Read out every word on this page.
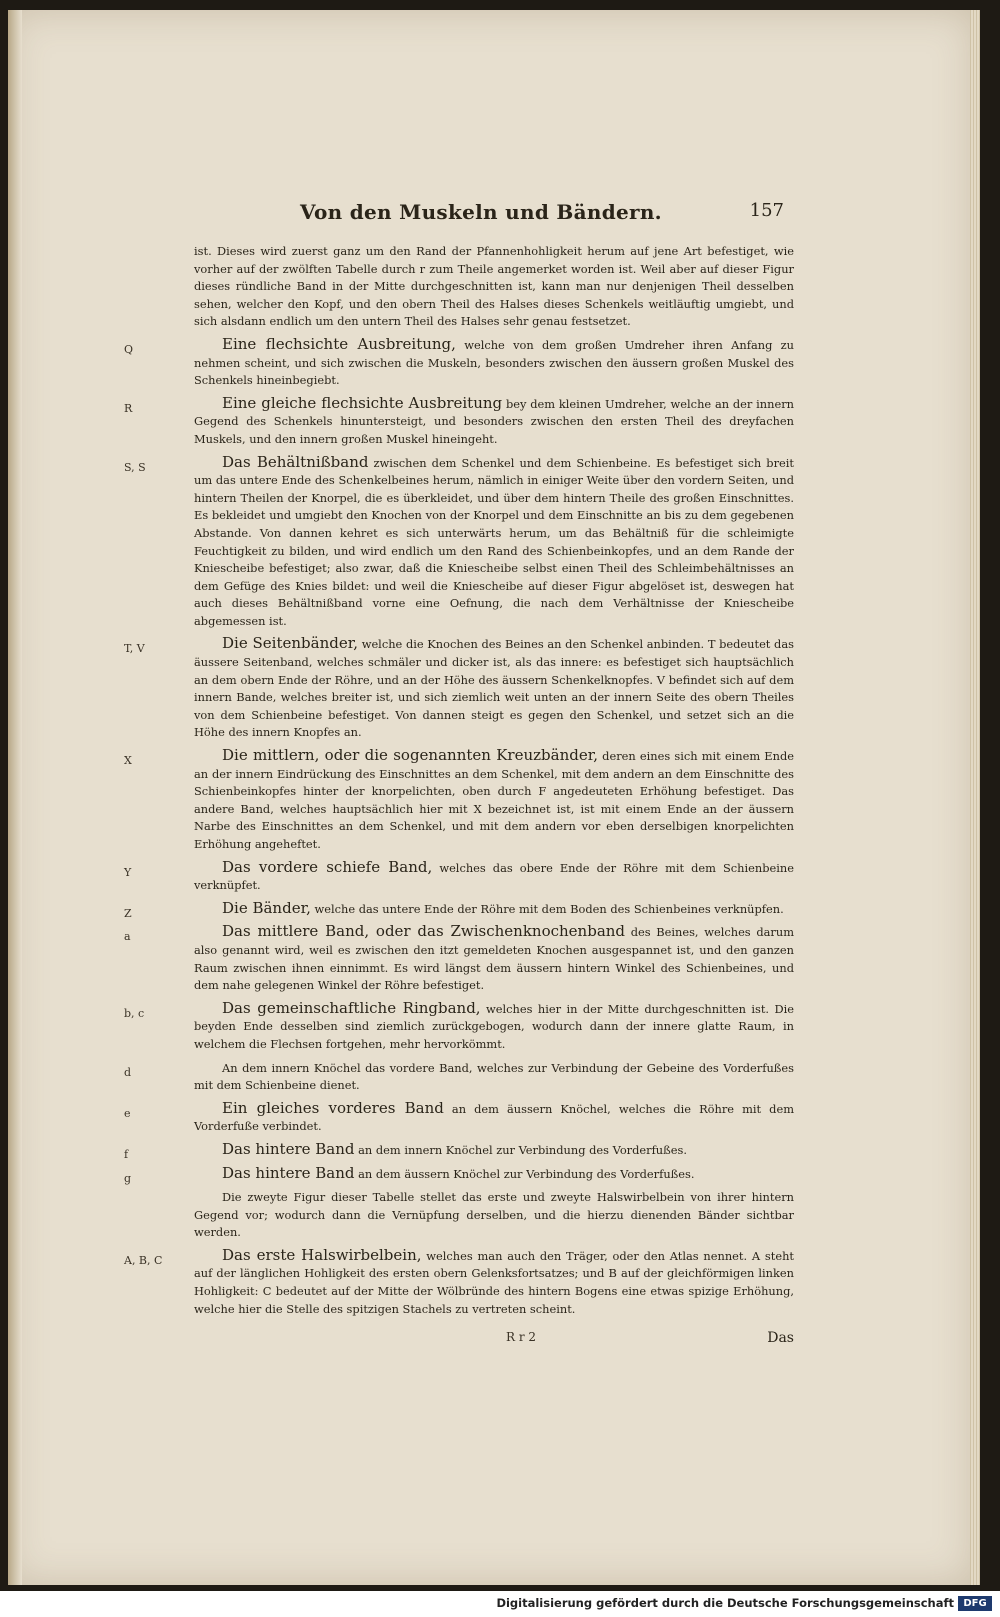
Von den Muskeln und Bändern.	157
ist. Dieses wird zuerst ganz um den Rand der Pfannenhohligkeit herum auf jene Art befestiget, wie vorher auf der zwölften Tabelle durch r zum Theile angemerket worden ist. Weil aber auf dieser Figur dieses ründliche Band in der Mitte durchgeschnitten ist, kann man nur denjenigen Theil desselben sehen, welcher den Kopf, und den obern Theil des Halses dieses Schenkels weitläuftig umgiebt, und sich alsdann endlich um den untern Theil des Halses sehr genau festsetzet.
Q	Eine flechsichte Ausbreitung, welche von dem großen Umdreher ihren Anfang zu nehmen scheint, und sich zwischen die Muskeln, besonders zwischen den äussern großen Muskel des Schenkels hineinbegiebt.
R	Eine gleiche flechsichte Ausbreitung bey dem kleinen Umdreher, welche an der innern Gegend des Schenkels hinuntersteigt, und besonders zwischen den ersten Theil des dreyfachen Muskels, und den innern großen Muskel hineingeht.
S, S	Das Behältnißband zwischen dem Schenkel und dem Schienbeine. Es befestiget sich breit um das untere Ende des Schenkelbeines herum, nämlich in einiger Weite über den vordern Seiten, und hintern Theilen der Knorpel, die es überkleidet, und über dem hintern Theile des großen Einschnittes. Es bekleidet und umgiebt den Knochen von der Knorpel und dem Einschnitte an bis zu dem gegebenen Abstande. Von dannen kehret es sich unterwärts herum, um das Behältniß für die schleimigte Feuchtigkeit zu bilden, und wird endlich um den Rand des Schienbeinkopfes, und an dem Rande der Kniescheibe befestiget; also zwar, daß die Kniescheibe selbst einen Theil des Schleimbehältnisses an dem Gefüge des Knies bildet: und weil die Kniescheibe auf dieser Figur abgelöset ist, deswegen hat auch dieses Behältnißband vorne eine Oefnung, die nach dem Verhältnisse der Kniescheibe abgemessen ist.
T, V	Die Seitenbänder, welche die Knochen des Beines an den Schenkel anbinden. T bedeutet das äussere Seitenband, welches schmäler und dicker ist, als das innere: es befestiget sich hauptsächlich an dem obern Ende der Röhre, und an der Höhe des äussern Schenkelknopfes. V befindet sich auf dem innern Bande, welches breiter ist, und sich ziemlich weit unten an der innern Seite des obern Theiles von dem Schienbeine befestiget. Von dannen steigt es gegen den Schenkel, und setzet sich an die Höhe des innern Knopfes an.
X	Die mittlern, oder die sogenannten Kreuzbänder, deren eines sich mit einem Ende an der innern Eindrückung des Einschnittes an dem Schenkel, mit dem andern an dem Einschnitte des Schienbeinkopfes hinter der knorpelichten, oben durch F angedeuteten Erhöhung befestiget. Das andere Band, welches hauptsächlich hier mit X bezeichnet ist, ist mit einem Ende an der äussern Narbe des Einschnittes an dem Schenkel, und mit dem andern vor eben derselbigen knorpelichten Erhöhung angeheftet.
Y	Das vordere schiefe Band, welches das obere Ende der Röhre mit dem Schienbeine verknüpfet.
Z	Die Bänder, welche das untere Ende der Röhre mit dem Boden des Schienbeines verknüpfen.
a	Das mittlere Band, oder das Zwischenknochenband des Beines, welches darum also genannt wird, weil es zwischen den itzt gemeldeten Knochen ausgespannet ist, und den ganzen Raum zwischen ihnen einnimmt. Es wird längst dem äussern hintern Winkel des Schienbeines, und dem nahe gelegenen Winkel der Röhre befestiget.
b, c	Das gemeinschaftliche Ringband, welches hier in der Mitte durchgeschnitten ist. Die beyden Ende desselben sind ziemlich zurückgebogen, wodurch dann der innere glatte Raum, in welchem die Flechsen fortgehen, mehr hervorkömmt.
d	An dem innern Knöchel das vordere Band, welches zur Verbindung der Gebeine des Vorderfußes mit dem Schienbeine dienet.
e	Ein gleiches vorderes Band an dem äussern Knöchel, welches die Röhre mit dem Vorderfuße verbindet.
f	Das hintere Band an dem innern Knöchel zur Verbindung des Vorderfußes.
g	Das hintere Band an dem äussern Knöchel zur Verbindung des Vorderfußes.
Die zweyte Figur dieser Tabelle stellet das erste und zweyte Halswirbelbein von ihrer hintern Gegend vor; wodurch dann die Vernüpfung derselben, und die hierzu dienenden Bänder sichtbar werden.
A, B, C	Das erste Halswirbelbein, welches man auch den Träger, oder den Atlas nennet. A steht auf der länglichen Hohligkeit des ersten obern Gelenksfortsatzes; und B auf der gleichförmigen linken Hohligkeit: C bedeutet auf der Mitte der Wölbründe des hintern Bogens eine etwas spizige Erhöhung, welche hier die Stelle des spitzigen Stachels zu vertreten scheint.
R r 2	Das
Digitalisierung gefördert durch die Deutsche Forschungsgemeinschaft DFG
